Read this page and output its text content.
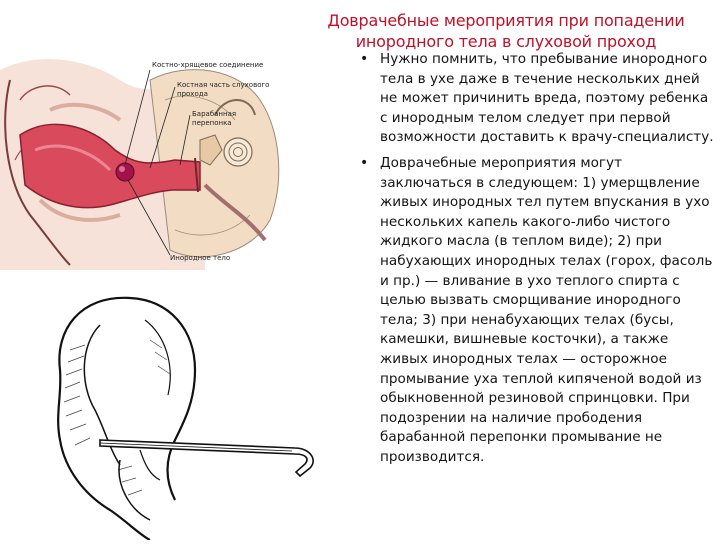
Костно-хрящевое соединение
Костная часть слухового прохода
Барабанная
перепонка
Инородное тело
Доврачебные мероприятия при попадении инородного тела в слуховой проход
• Нужно помнить, что пребывание инородного тела в ухе даже в течение нескольких дней не может причинить вреда, поэтому ребенка с инородным телом следует при первой возможности доставить к врачу-специалисту.
• Доврачебные мероприятия могут заключаться в следующем: 1) умерщвление живых инородных тел путем впускания в ухо нескольких капель какого-либо чистого жидкого масла (в теплом виде); 2) при набухающих инородных телах (горох, фасоль и пр.) — вливание в ухо теплого спирта с целью вызвать сморщивание инородного тела; 3) при ненабухающих телах (бусы, камешки, вишневые косточки), а также живых инородных телах — осторожное промывание уха теплой кипяченой водой из обыкновенной резиновой спринцовки. При подозрении на наличие прободения барабанной перепонки промывание не производится.
